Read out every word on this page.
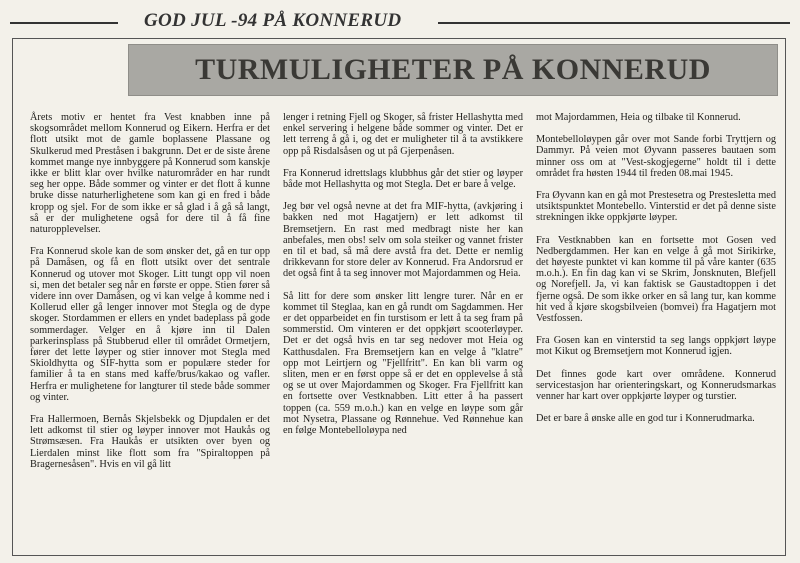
GOD JUL -94 PÅ KONNERUD
TURMULIGHETER PÅ KONNERUD

Årets motiv er hentet fra Vest knabben inne på skogsområdet mellom Konnerud og Eikern. Herfra er det flott utsikt mot de gamle boplassene Plassane og Skulkerud med Preståsen i bakgrunn. Det er de siste årene kommet mange nye innbyggere på Konnerud som kanskje ikke er blitt klar over hvilke naturområder en har rundt seg her oppe. Både sommer og vinter er det flott å kunne bruke disse naturherlighetene som kan gi en fred i både kropp og sjel. For de som ikke er så glad i å gå så langt, så er der mulighetene også for dere til å få fine naturopplevelser.

Fra Konnerud skole kan de som ønsker det, gå en tur opp på Damåsen, og få en flott utsikt over det sentrale Konnerud og utover mot Skoger. Litt tungt opp vil noen si, men det betaler seg når en første er oppe. Stien fører så videre inn over Damåsen, og vi kan velge å komme ned i Kollerud eller gå lenger innover mot Stegla og de dype skoger. Stordammen er ellers en yndet badeplass på gode sommerdager. Velger en å kjøre inn til Dalen parkerinsplass på Stubberud eller til området Ormetjern, fører det lette løyper og stier innover mot Stegla med Skioldhytta og SIF-hytta som er populære steder for familier å ta en stans med kaffe/brus/kakao og vafler. Herfra er mulighetene for langturer til stede både sommer og vinter.

Fra Hallermoen, Bernås Skjelsbekk og Djupdalen er det lett adkomst til stier og løyper innover mot Haukås og Strømsæsen. Fra Haukås er utsikten over byen og Lierdalen minst like flott som fra "Spiraltoppen på Bragernesåsen". Hvis en vil gå litt

lenger i retning Fjell og Skoger, så frister Hellashytta med enkel servering i helgene både sommer og vinter. Det er lett terreng å gå i, og det er muligheter til å ta avstikkere opp på Risdalsåsen og ut på Gjerpenåsen.

Fra Konnerud idrettslags klubbhus går det stier og løyper både mot Hellashytta og mot Stegla. Det er bare å velge.

Jeg bør vel også nevne at det fra MIF-hytta, (avkjøring i bakken ned mot Hagatjern) er lett adkomst til Bremsetjern. En rast med medbragt niste her kan anbefales, men obs! selv om sola steiker og vannet frister en til et bad, så må dere avstå fra det. Dette er nemlig drikkevann for store deler av Konnerud. Fra Andorsrud er det også fint å ta seg innover mot Majordammen og Heia.

Så litt for dere som ønsker litt lengre turer. Når en er kommet til Steglaa, kan en gå rundt om Sagdammen. Her er det opparbeidet en fin turstisom er lett å ta seg fram på sommerstid. Om vinteren er det oppkjørt scooterløyper. Det er det også hvis en tar seg nedover mot Heia og Katthusdalen. Fra Bremsetjern kan en velge å "klatre" opp mot Leirtjern og "Fjellfritt". En kan bli varm og sliten, men er en først oppe så er det en opplevelse å stå og se ut over Majordammen og Skoger. Fra Fjellfritt kan en fortsette over Vestknabben. Litt etter å ha passert toppen (ca. 559 m.o.h.) kan en velge en løype som går mot Nysetra, Plassane og Rønnehue. Ved Rønnehue kan en følge Montebelloløypa ned

mot Majordammen, Heia og tilbake til Konnerud.

Montebelloløypen går over mot Sande forbi Tryttjern og Dammyr. På veien mot Øyvann passeres bautaen som minner oss om at "Vest-skogjegerne" holdt til i dette området fra høsten 1944 til freden 08.mai 1945.

Fra Øyvann kan en gå mot Prestesetra og Prestesletta med utsiktspunktet Montebello. Vinterstid er det på denne siste strekningen ikke oppkjørte løyper.

Fra Vestknabben kan en fortsette mot Gosen ved Nedbergdammen. Her kan en velge å gå mot Sirikirke, det høyeste punktet vi kan komme til på våre kanter (635 m.o.h.). En fin dag kan vi se Skrim, Jonsknuten, Blefjell og Norefjell. Ja, vi kan faktisk se Gaustadtoppen i det fjerne også. De som ikke orker en så lang tur, kan komme hit ved å kjøre skogsbilveien (bomvei) fra Hagatjern mot Vestfossen.

Fra Gosen kan en vinterstid ta seg langs oppkjørt løype mot Kikut og Bremsetjern mot Konnerud igjen.

Det finnes gode kart over områdene. Konnerud servicestasjon har orienteringskart, og Konnerudsmarkas venner har kart over oppkjørte løyper og turstier.

Det er bare å ønske alle en god tur i Konnerudmarka.
